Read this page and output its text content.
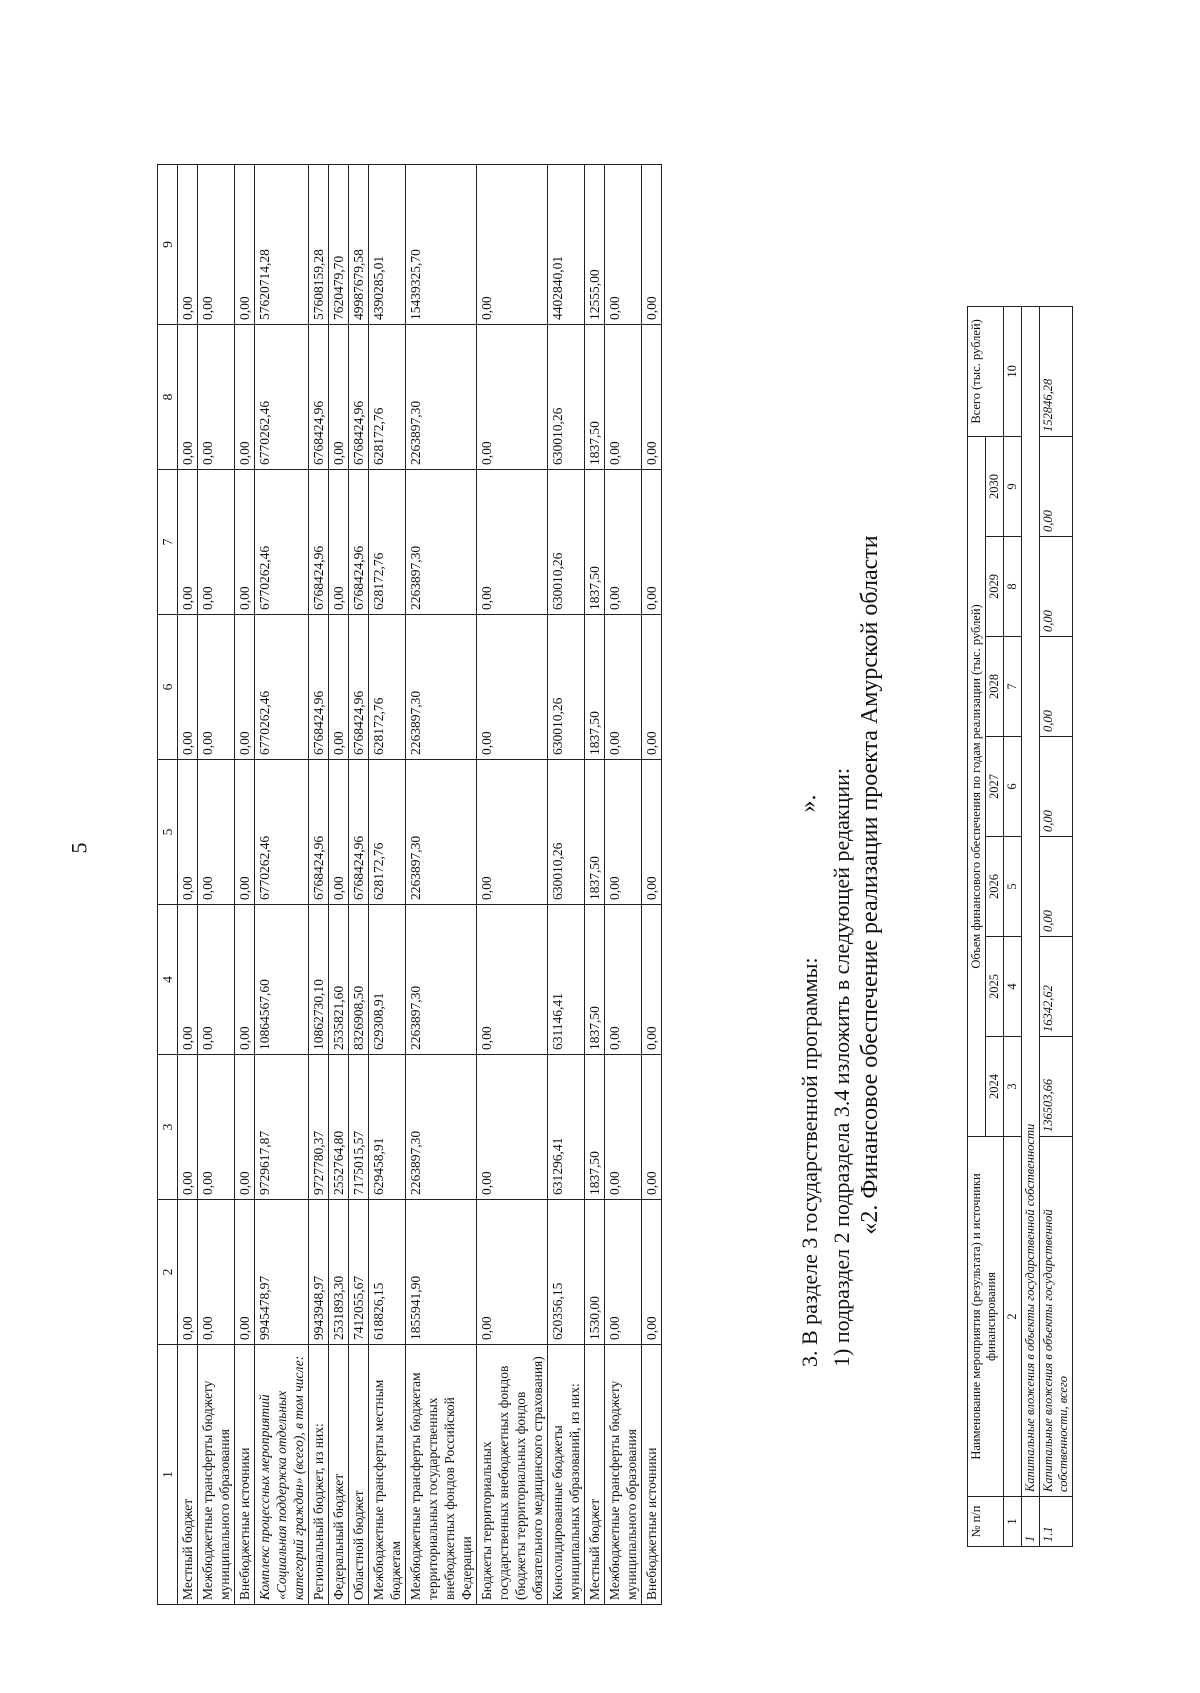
5
».
1	2	3	4	5	6	7	8	9
Местный бюджет	0,00	0,00	0,00	0,00	0,00	0,00	0,00	0,00
Межбюджетные трансферты бюджету муниципального образования	0,00	0,00	0,00	0,00	0,00	0,00	0,00	0,00
Внебюджетные источники	0,00	0,00	0,00	0,00	0,00	0,00	0,00	0,00
Комплекс процессных мероприятий «Социальная поддержка отдельных категорий граждан» (всего), в том числе:	9945478,97	9729617,87	10864567,60	6770262,46	6770262,46	6770262,46	6770262,46	57620714,28
Региональный бюджет, из них:	9943948,97	9727780,37	10862730,10	6768424,96	6768424,96	6768424,96	6768424,96	57608159,28
Федеральный бюджет	2531893,30	2552764,80	2535821,60	0,00	0,00	0,00	0,00	7620479,70
Областной бюджет	7412055,67	7175015,57	8326908,50	6768424,96	6768424,96	6768424,96	6768424,96	49987679,58
Межбюджетные трансферты местным бюджетам	618826,15	629458,91	629308,91	628172,76	628172,76	628172,76	628172,76	4390285,01
Межбюджетные трансферты бюджетам территориальных государственных внебюджетных фондов Российской Федерации	1855941,90	2263897,30	2263897,30	2263897,30	2263897,30	2263897,30	2263897,30	15439325,70
Бюджеты территориальных государственных внебюджетных фондов (бюджеты территориальных фондов обязательного медицинского страхования)	0,00	0,00	0,00	0,00	0,00	0,00	0,00	0,00
Консолидированные бюджеты муниципальных образований, из них:	620356,15	631296,41	631146,41	630010,26	630010,26	630010,26	630010,26	4402840,01
Местный бюджет	1530,00	1837,50	1837,50	1837,50	1837,50	1837,50	1837,50	12555,00
Межбюджетные трансферты бюджету муниципального образования	0,00	0,00	0,00	0,00	0,00	0,00	0,00	0,00
Внебюджетные источники	0,00	0,00	0,00	0,00	0,00	0,00	0,00	0,00
3. В разделе 3 государственной программы: 1) подраздел 2 подраздела 3.4 изложить в следующей редакции: «2. Финансовое обеспечение реализации проекта Амурской области
№ п/п	Наименование мероприятия (результата) и источники финансирования	Объем финансового обеспечения по годам реализации (тыс. рублей)							Всего (тыс. рублей)
		2024	2025	2026	2027	2028	2029	2030	
1	2	3	4	5	6	7	8	9	10
1	Капитальные вложения в объекты государственной собственности								
1.1	Капитальные вложения в объекты государственной собственности, всего	136503,66	16342,62	0,00	0,00	0,00	0,00	0,00	152846,28
